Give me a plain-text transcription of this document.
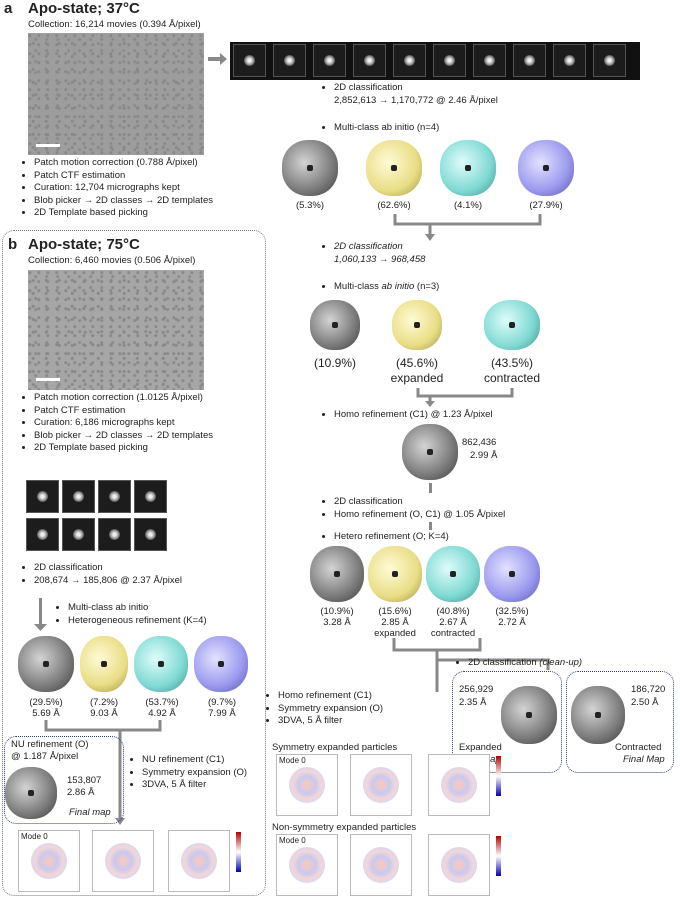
a Apo-state; 37°C
Collection: 16,214 movies (0.394 Å/pixel)
• Patch motion correction (0.788 Å/pixel)
• Patch CTF estimation
• Curation: 12,704 micrographs kept
• Blob picker → 2D classes → 2D templates
• 2D Template based picking
• 2D classification
2,852,613 → 1,170,772 @ 2.46 Å/pixel
• Multi-class ab initio (n=4)
(5.3%)	(62.6%)	(4.1%)	(27.9%)
• 2D classification
1,060,133 → 968,458
• Multi-class ab initio (n=3)
(10.9%)	(45.6%)	(43.5%)
expanded	contracted
• Homo refinement (C1) @ 1.23 Å/pixel
862,436
2.99 Å
• 2D classification
• Homo refinement (O, C1) @ 1.05 Å/pixel
• Hetero refinement (O; K=4)
(10.9%)
3.28 Å
(15.6%)
2.85 Å
expanded
(40.8%)
2.67 Å
contracted
(32.5%)
2.72 Å
• 2D classification (clean-up)
256,929
2.35 Å
Expanded
map
186,720
2.50 Å
Contracted
Final Map
• Homo refinement (C1)
• Symmetry expansion (O)
• 3DVA, 5 Å filter
Symmetry expanded particles
Mode 0
Non-symmetry expanded particles
Mode 0
b Apo-state; 75°C
Collection: 6,460 movies (0.506 Å/pixel)
• Patch motion correction (1.0125 Å/pixel)
• Patch CTF estimation
• Curation: 6,186 micrographs kept
• Blob picker → 2D classes → 2D templates
• 2D Template based picking
• 2D classification
• 208,674 → 185,806 @ 2.37 Å/pixel
• Multi-class ab initio
• Heterogeneous refinement (K=4)
(29.5%)
5.69 Å
(7.2%)
9.03 Å
(53.7%)
4.92 Å
(9.7%)
7.99 Å
NU refinement (O)
@ 1.187 Å/pixel
153,807
2.86 Å
Final map
• NU refinement (C1)
• Symmetry expansion (O)
• 3DVA, 5 Å filter
Mode 0
